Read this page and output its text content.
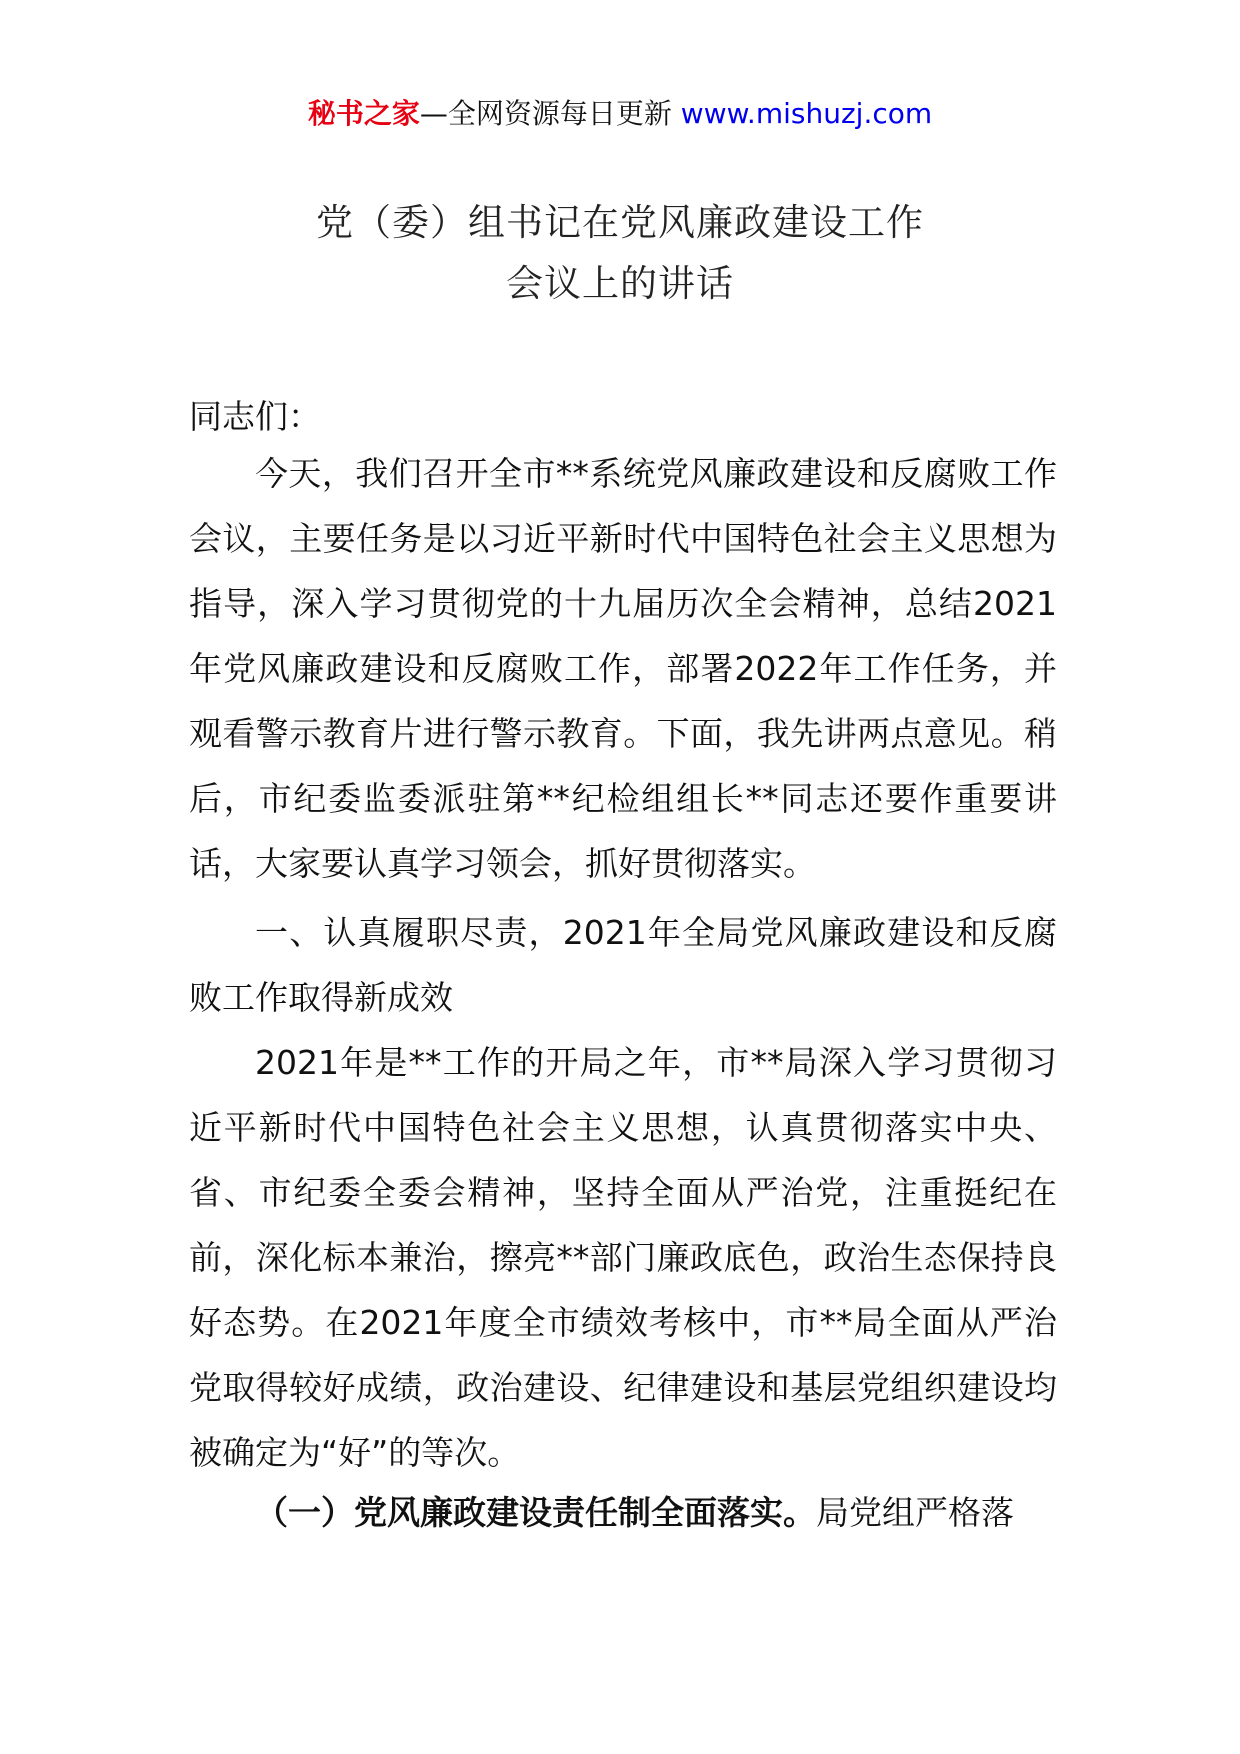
秘书之家—全网资源每日更新 www.mishuzj.com
党（委）组书记在党风廉政建设工作
会议上的讲话
同志们：
今天，我们召开全市**系统党风廉政建设和反腐败工作会议，主要任务是以习近平新时代中国特色社会主义思想为指导，深入学习贯彻党的十九届历次全会精神，总结2021年党风廉政建设和反腐败工作，部署2022年工作任务，并观看警示教育片进行警示教育。下面，我先讲两点意见。稍后，市纪委监委派驻第**纪检组组长**同志还要作重要讲话，大家要认真学习领会，抓好贯彻落实。
一、认真履职尽责，2021年全局党风廉政建设和反腐败工作取得新成效
2021年是**工作的开局之年，市**局深入学习贯彻习近平新时代中国特色社会主义思想，认真贯彻落实中央、省、市纪委全委会精神，坚持全面从严治党，注重挺纪在前，深化标本兼治，擦亮**部门廉政底色，政治生态保持良好态势。在2021年度全市绩效考核中，市**局全面从严治党取得较好成绩，政治建设、纪律建设和基层党组织建设均被确定为“好”的等次。
（一）党风廉政建设责任制全面落实。局党组严格落
